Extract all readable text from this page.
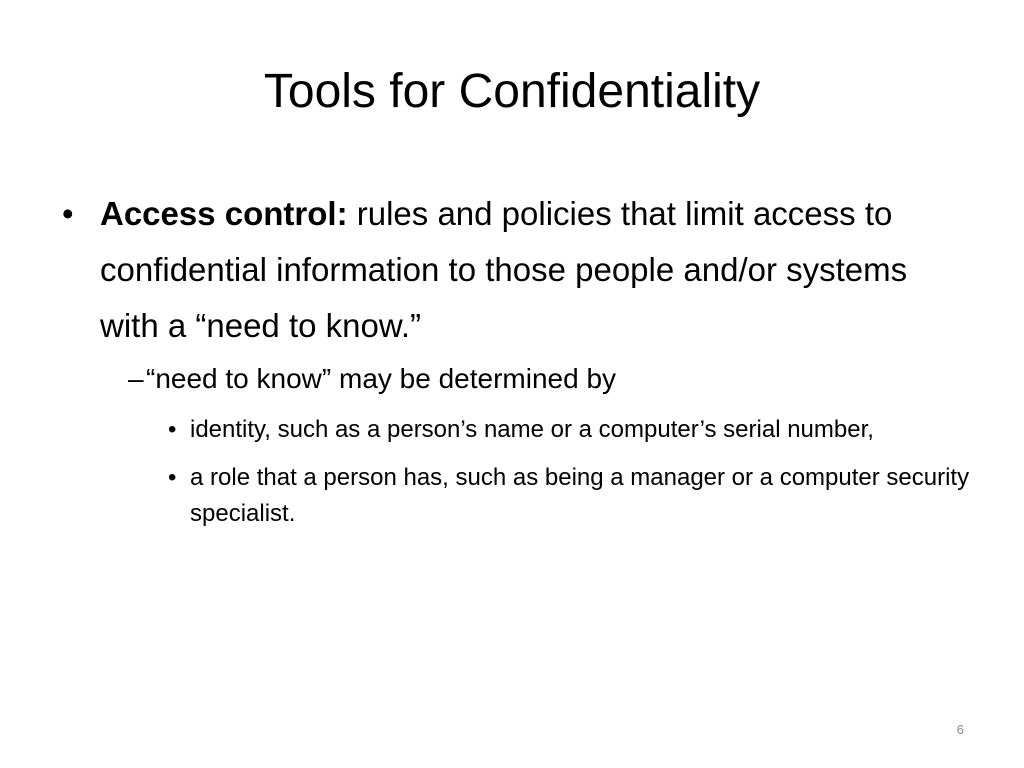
Tools for Confidentiality
• Access control: rules and policies that limit access to confidential information to those people and/or systems with a “need to know.”
– “need to know” may be determined by
• identity, such as a person’s name or a computer’s serial number,
• a role that a person has, such as being a manager or a computer security specialist.
6
